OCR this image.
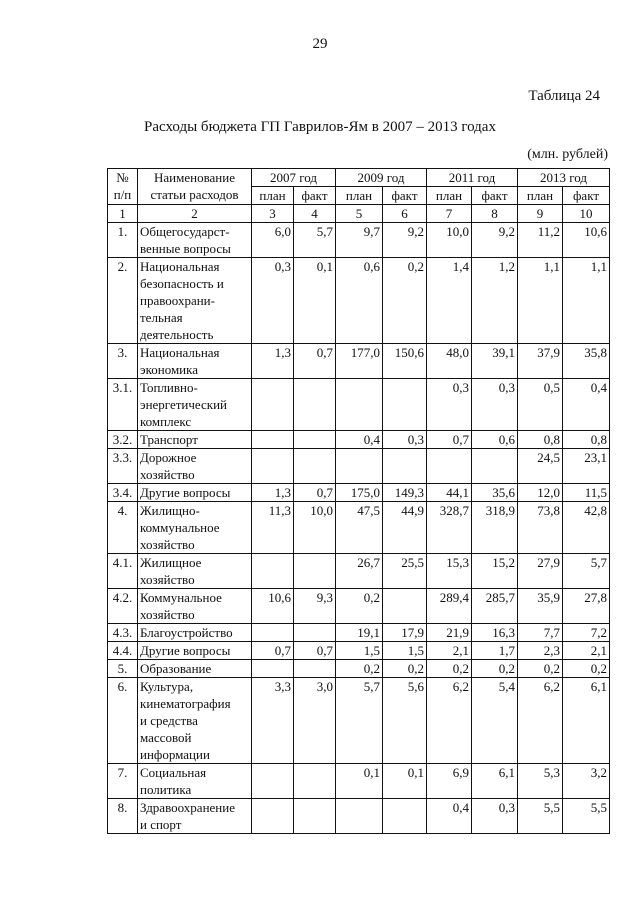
29
Таблица 24
Расходы бюджета ГП Гаврилов-Ям в 2007 – 2013 годах
(млн. рублей)
№
п/п	Наименование
статьи расходов	2007 год		2009 год		2011 год		2013 год	
		план	факт	план	факт	план	факт	план	факт
1	2	3	4	5	6	7	8	9	10
1.	Общегосударст-
венные вопросы	6,0	5,7	9,7	9,2	10,0	9,2	11,2	10,6
2.	Национальная
безопасность и
правоохрани-
тельная
деятельность	0,3	0,1	0,6	0,2	1,4	1,2	1,1	1,1
3.	Национальная
экономика	1,3	0,7	177,0	150,6	48,0	39,1	37,9	35,8
3.1.	Топливно-
энергетический
комплекс					0,3	0,3	0,5	0,4
3.2.	Транспорт			0,4	0,3	0,7	0,6	0,8	0,8
3.3.	Дорожное
хозяйство							24,5	23,1
3.4.	Другие вопросы	1,3	0,7	175,0	149,3	44,1	35,6	12,0	11,5
4.	Жилищно-
коммунальное
хозяйство	11,3	10,0	47,5	44,9	328,7	318,9	73,8	42,8
4.1.	Жилищное
хозяйство			26,7	25,5	15,3	15,2	27,9	5,7
4.2.	Коммунальное
хозяйство	10,6	9,3	0,2		289,4	285,7	35,9	27,8
4.3.	Благоустройство			19,1	17,9	21,9	16,3	7,7	7,2
4.4.	Другие вопросы	0,7	0,7	1,5	1,5	2,1	1,7	2,3	2,1
5.	Образование			0,2	0,2	0,2	0,2	0,2	0,2
6.	Культура,
кинематография
и средства
массовой
информации	3,3	3,0	5,7	5,6	6,2	5,4	6,2	6,1
7.	Социальная
политика			0,1	0,1	6,9	6,1	5,3	3,2
8.	Здравоохранение
и спорт					0,4	0,3	5,5	5,5
